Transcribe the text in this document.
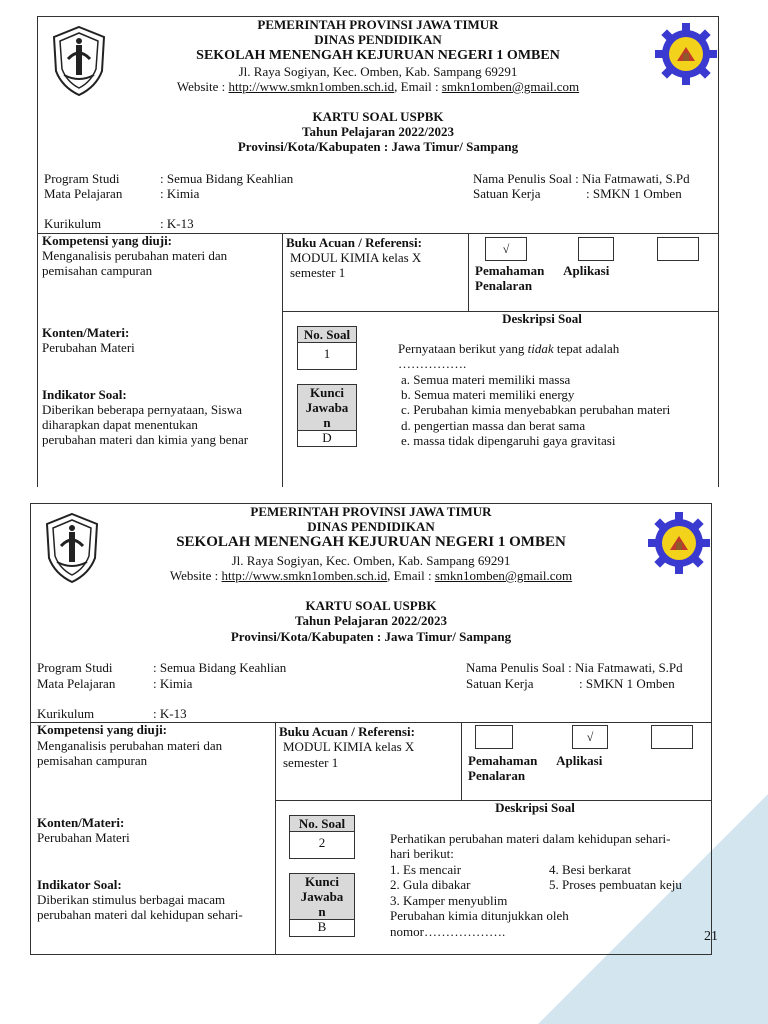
PEMERINTAH PROVINSI JAWA TIMUR
DINAS PENDIDIKAN
SEKOLAH MENENGAH KEJURUAN NEGERI 1 OMBEN
Jl. Raya Sogiyan, Kec. Omben, Kab. Sampang 69291
Website : http://www.smkn1omben.sch.id, Email : smkn1omben@gmail.com
KARTU SOAL USPBK
Tahun Pelajaran 2022/2023
Provinsi/Kota/Kabupaten : Jawa Timur/ Sampang
Program Studi	: Semua Bidang Keahlian
Mata Pelajaran	: Kimia
Kurikulum	: K-13
Nama Penulis Soal : Nia Fatmawati, S.Pd
Satuan Kerja	: SMKN 1 Omben
Kompetensi yang diuji:
Menganalisis perubahan materi dan
pemisahan campuran
Buku Acuan / Referensi:
MODUL KIMIA kelas X
semester 1
√
Pemahaman      Aplikasi
Penalaran
Deskripsi Soal
Konten/Materi:
Perubahan Materi
No. Soal
1
Indikator Soal:
Diberikan beberapa pernyataan, Siswa
diharapkan dapat menentukan
perubahan materi dan kimia yang benar
Kunci
Jawaba
n
D
Pernyataan berikut yang tidak tepat adalah
…………….
a. Semua materi memiliki massa
b. Semua materi memiliki energy
c. Perubahan kimia menyebabkan perubahan materi
d. pengertian massa dan berat sama
e. massa tidak dipengaruhi gaya gravitasi
PEMERINTAH PROVINSI JAWA TIMUR
DINAS PENDIDIKAN
SEKOLAH MENENGAH KEJURUAN NEGERI 1 OMBEN
Jl. Raya Sogiyan, Kec. Omben, Kab. Sampang 69291
Website : http://www.smkn1omben.sch.id, Email : smkn1omben@gmail.com
KARTU SOAL USPBK
Tahun Pelajaran 2022/2023
Provinsi/Kota/Kabupaten : Jawa Timur/ Sampang
Program Studi	: Semua Bidang Keahlian
Mata Pelajaran	: Kimia
Kurikulum	: K-13
Nama Penulis Soal : Nia Fatmawati, S.Pd
Satuan Kerja	: SMKN 1 Omben
Kompetensi yang diuji:
Menganalisis perubahan materi dan
pemisahan campuran
Buku Acuan / Referensi:
MODUL KIMIA kelas X
semester 1
√
Pemahaman      Aplikasi
Penalaran
Deskripsi Soal
Konten/Materi:
Perubahan Materi
No. Soal
2
Indikator Soal:
Diberikan stimulus berbagai macam
perubahan materi dal kehidupan sehari-
Kunci
Jawaba
n
B
Perhatikan perubahan materi dalam kehidupan sehari-
hari berikut:
1. Es mencair
2. Gula dibakar
3. Kamper menyublim
4. Besi berkarat
5. Proses pembuatan keju
Perubahan kimia ditunjukkan oleh
nomor……………….	21
